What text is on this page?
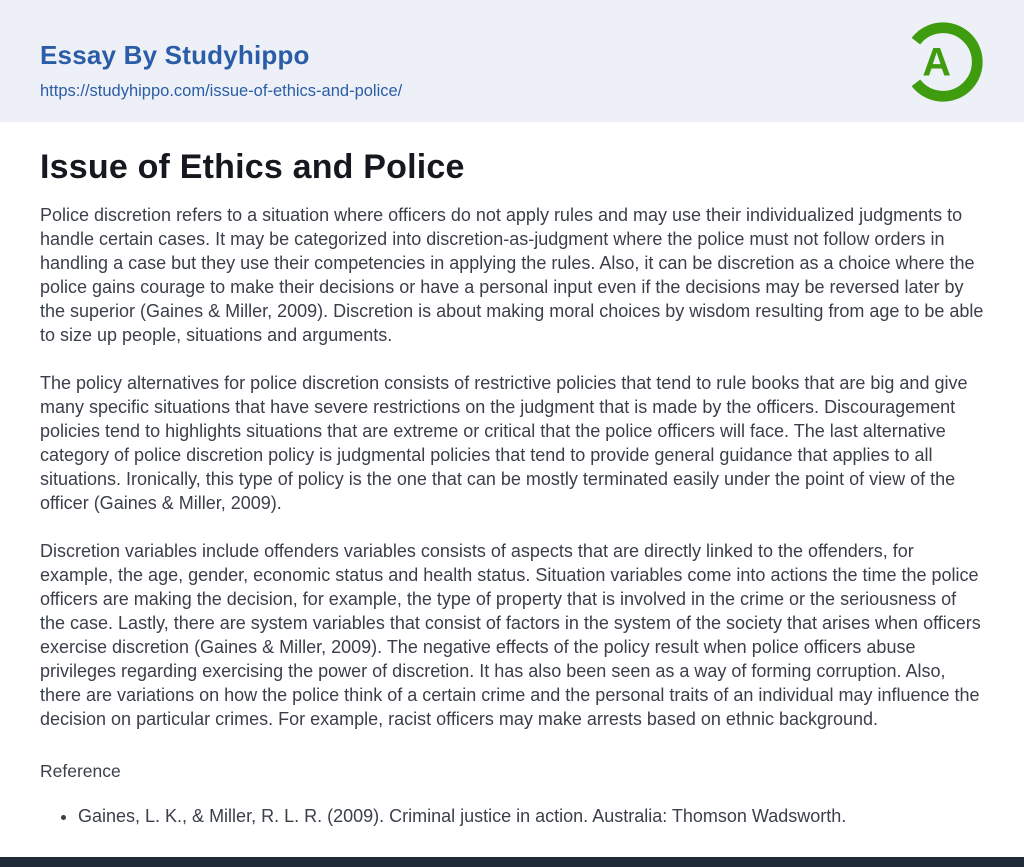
Essay By Studyhippo
https://studyhippo.com/issue-of-ethics-and-police/
A
Issue of Ethics and Police

Police discretion refers to a situation where officers do not apply rules and may use their individualized judgments to handle certain cases. It may be categorized into discretion-as-judgment where the police must not follow orders in handling a case but they use their competencies in applying the rules. Also, it can be discretion as a choice where the police gains courage to make their decisions or have a personal input even if the decisions may be reversed later by the superior (Gaines & Miller, 2009). Discretion is about making moral choices by wisdom resulting from age to be able to size up people, situations and arguments.

The policy alternatives for police discretion consists of restrictive policies that tend to rule books that are big and give many specific situations that have severe restrictions on the judgment that is made by the officers. Discouragement policies tend to highlights situations that are extreme or critical that the police officers will face. The last alternative category of police discretion policy is judgmental policies that tend to provide general guidance that applies to all situations. Ironically, this type of policy is the one that can be mostly terminated easily under the point of view of the officer (Gaines & Miller, 2009).

Discretion variables include offenders variables consists of aspects that are directly linked to the offenders, for example, the age, gender, economic status and health status. Situation variables come into actions the time the police officers are making the decision, for example, the type of property that is involved in the crime or the seriousness of the case. Lastly, there are system variables that consist of factors in the system of the society that arises when officers exercise discretion (Gaines & Miller, 2009). The negative effects of the policy result when police officers abuse privileges regarding exercising the power of discretion. It has also been seen as a way of forming corruption. Also, there are variations on how the police think of a certain crime and the personal traits of an individual may influence the decision on particular crimes. For example, racist officers may make arrests based on ethnic background.

Reference
• Gaines, L. K., & Miller, R. L. R. (2009). Criminal justice in action. Australia: Thomson Wadsworth.
